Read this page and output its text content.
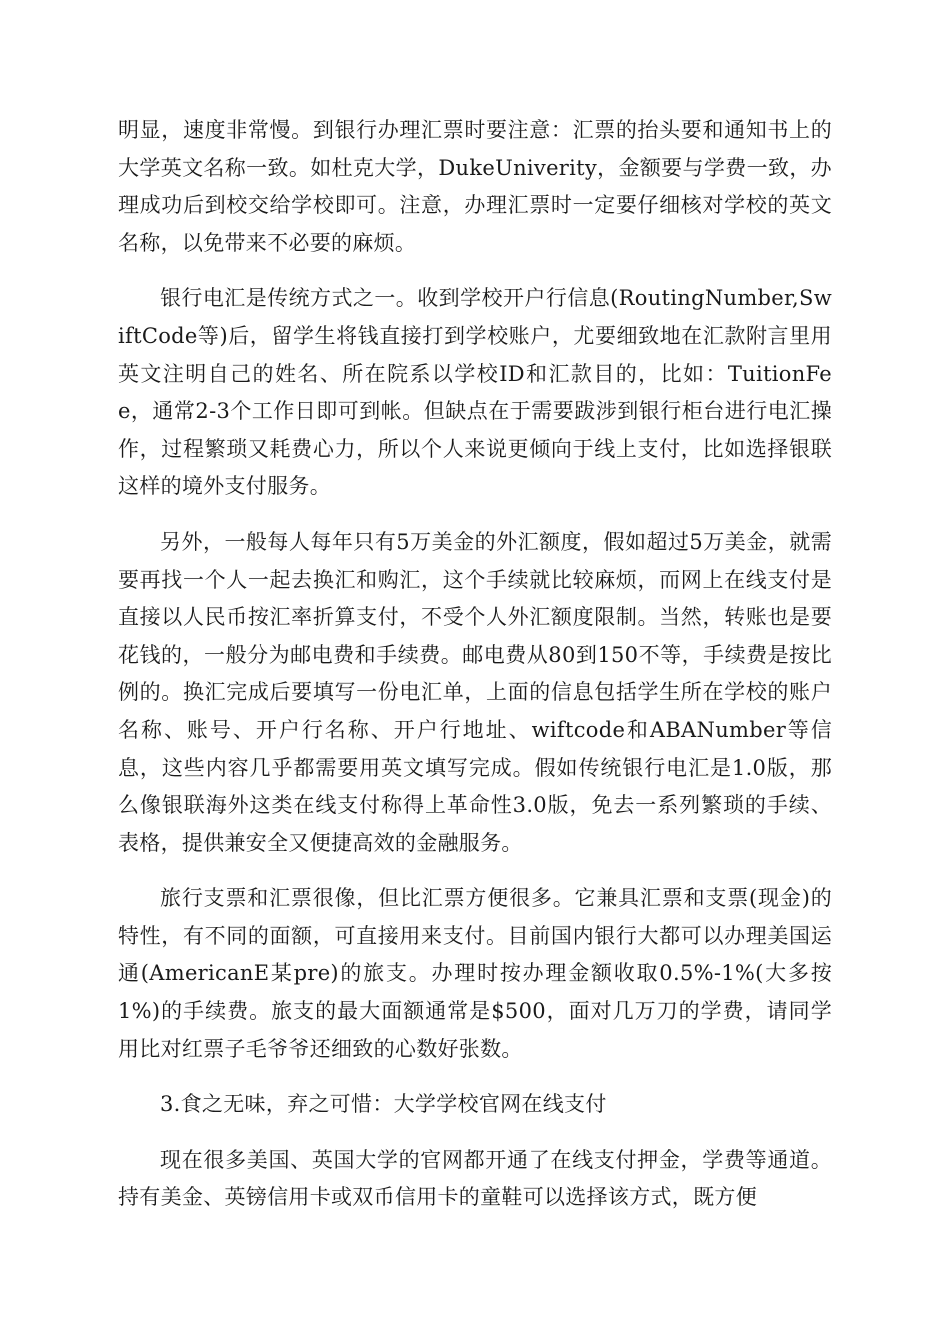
明显，速度非常慢。到银行办理汇票时要注意：汇票的抬头要和通知书上的大学英文名称一致。如杜克大学，DukeUniverity，金额要与学费一致，办理成功后到校交给学校即可。注意，办理汇票时一定要仔细核对学校的英文名称，以免带来不必要的麻烦。

银行电汇是传统方式之一。收到学校开户行信息(RoutingNumber,SwiftCode等)后，留学生将钱直接打到学校账户，尤要细致地在汇款附言里用英文注明自己的姓名、所在院系以学校ID和汇款目的，比如：TuitionFee，通常2-3个工作日即可到帐。但缺点在于需要跋涉到银行柜台进行电汇操作，过程繁琐又耗费心力，所以个人来说更倾向于线上支付，比如选择银联这样的境外支付服务。

另外，一般每人每年只有5万美金的外汇额度，假如超过5万美金，就需要再找一个人一起去换汇和购汇，这个手续就比较麻烦，而网上在线支付是直接以人民币按汇率折算支付，不受个人外汇额度限制。当然，转账也是要花钱的，一般分为邮电费和手续费。邮电费从80到150不等，手续费是按比例的。换汇完成后要填写一份电汇单，上面的信息包括学生所在学校的账户名称、账号、开户行名称、开户行地址、wiftcode和ABANumber等信息，这些内容几乎都需要用英文填写完成。假如传统银行电汇是1.0版，那么像银联海外这类在线支付称得上革命性3.0版，免去一系列繁琐的手续、表格，提供兼安全又便捷高效的金融服务。

旅行支票和汇票很像，但比汇票方便很多。它兼具汇票和支票(现金)的特性，有不同的面额，可直接用来支付。目前国内银行大都可以办理美国运通(AmericanE某pre)的旅支。办理时按办理金额收取0.5%-1%(大多按1%)的手续费。旅支的最大面额通常是$500，面对几万刀的学费，请同学用比对红票子毛爷爷还细致的心数好张数。

3.食之无味，弃之可惜：大学学校官网在线支付

现在很多美国、英国大学的官网都开通了在线支付押金，学费等通道。持有美金、英镑信用卡或双币信用卡的童鞋可以选择该方式，既方便
